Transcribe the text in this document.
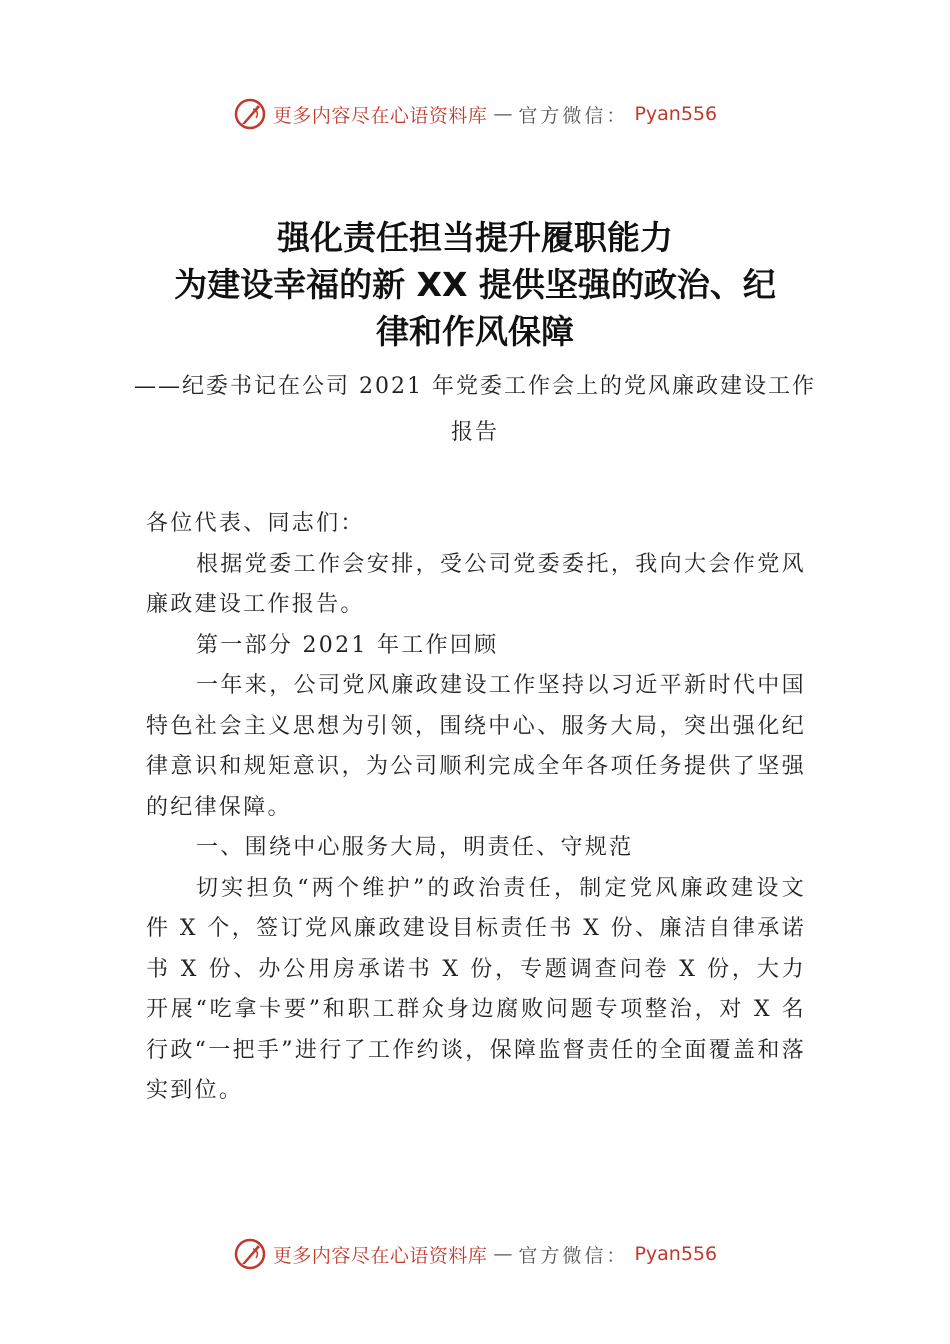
更多内容尽在心语资料库 — 官方微信： Pyan556
强化责任担当提升履职能力
为建设幸福的新 XX 提供坚强的政治、纪
律和作风保障
——纪委书记在公司 2021 年党委工作会上的党风廉政建设工作报告

各位代表、同志们：

根据党委工作会安排，受公司党委委托，我向大会作党风廉政建设工作报告。

第一部分 2021 年工作回顾

一年来，公司党风廉政建设工作坚持以习近平新时代中国特色社会主义思想为引领，围绕中心、服务大局，突出强化纪律意识和规矩意识，为公司顺利完成全年各项任务提供了坚强的纪律保障。

一、围绕中心服务大局，明责任、守规范

切实担负“两个维护”的政治责任，制定党风廉政建设文件 X 个，签订党风廉政建设目标责任书 X 份、廉洁自律承诺书 X 份、办公用房承诺书 X 份，专题调查问卷 X 份，大力开展“吃拿卡要”和职工群众身边腐败问题专项整治，对 X 名行政“一把手”进行了工作约谈，保障监督责任的全面覆盖和落实到位。

更多内容尽在心语资料库 — 官方微信： Pyan556
